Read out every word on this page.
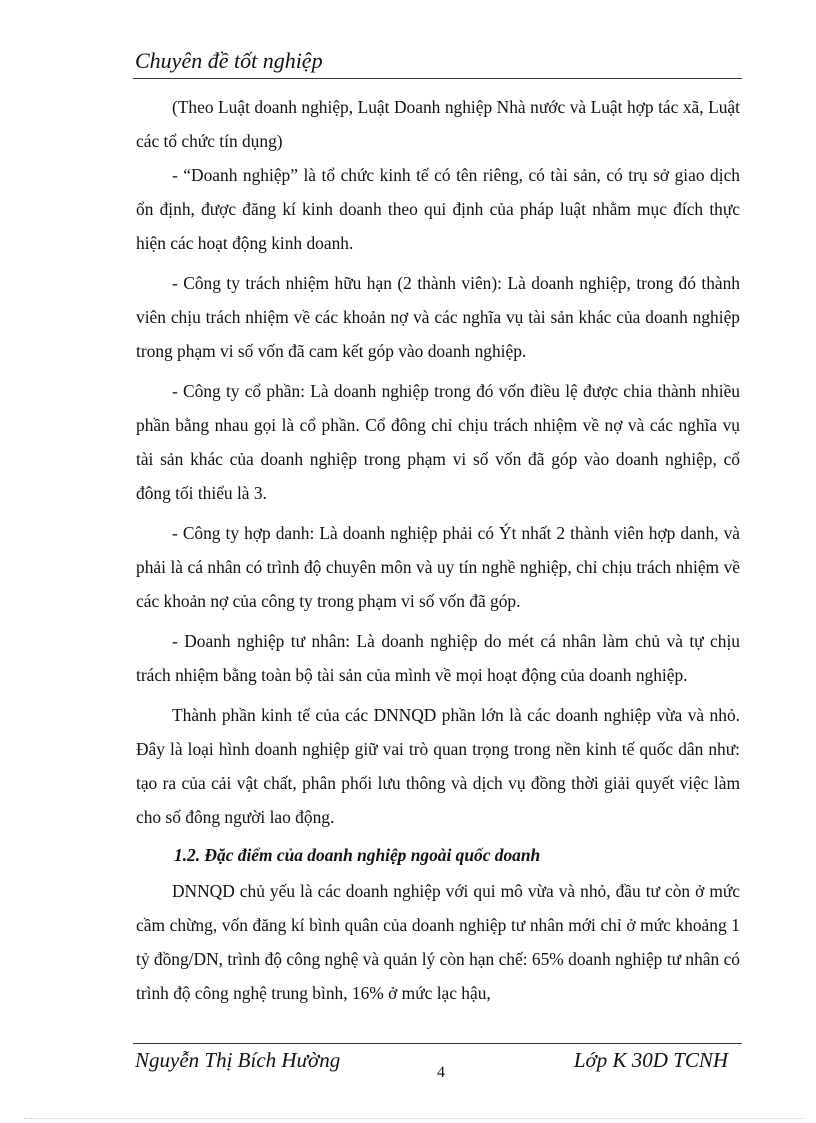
Chuyên đề tốt nghiệp

(Theo Luật doanh nghiệp, Luật Doanh nghiệp Nhà nước và Luật hợp tác xã, Luật các tổ chức tín dụng)

- “Doanh nghiệp” là tổ chức kinh tế có tên riêng, có tài sản, có trụ sở giao dịch ổn định, được đăng kí kinh doanh theo qui định của pháp luật nhằm mục đích thực hiện các hoạt động kinh doanh.

- Công ty trách nhiệm hữu hạn (2 thành viên): Là doanh nghiệp, trong đó thành viên chịu trách nhiệm về các khoản nợ và các nghĩa vụ tài sản khác của doanh nghiệp trong phạm vi số vốn đã cam kết góp vào doanh nghiệp.

- Công ty cổ phần: Là doanh nghiệp trong đó vốn điều lệ được chia thành nhiều phần bằng nhau gọi là cổ phần. Cổ đông chỉ chịu trách nhiệm về nợ và các nghĩa vụ tài sản khác của doanh nghiệp trong phạm vi số vốn đã góp vào doanh nghiệp, cổ đông tối thiểu là 3.

- Công ty hợp danh: Là doanh nghiệp phải có Ýt nhất 2 thành viên hợp danh, và phải là cá nhân có trình độ chuyên môn và uy tín nghề nghiệp, chỉ chịu trách nhiệm về các khoản nợ của công ty trong phạm vi số vốn đã góp.

- Doanh nghiệp tư nhân: Là doanh nghiệp do mét cá nhân làm chủ và tự chịu trách nhiệm bằng toàn bộ tài sản của mình về mọi hoạt động của doanh nghiệp.

Thành phần kinh tế của các DNNQD phần lớn là các doanh nghiệp vừa và nhỏ. Đây là loại hình doanh nghiệp giữ vai trò quan trọng trong nền kinh tế quốc dân như: tạo ra của cải vật chất, phân phối lưu thông và dịch vụ đồng thời giải quyết việc làm cho số đông người lao động.

1.2. Đặc điểm của doanh nghiệp ngoài quốc doanh

DNNQD chủ yếu là các doanh nghiệp với qui mô vừa và nhỏ, đầu tư còn ở mức cầm chừng, vốn đăng kí bình quân của doanh nghiệp tư nhân mới chỉ ở mức khoảng 1 tỷ đồng/DN, trình độ công nghệ và quản lý còn hạn chế: 65% doanh nghiệp tư nhân có trình độ công nghệ trung bình, 16% ở mức lạc hậu,

Nguyễn Thị Bích Hường
4
Lớp K 30D TCNH
